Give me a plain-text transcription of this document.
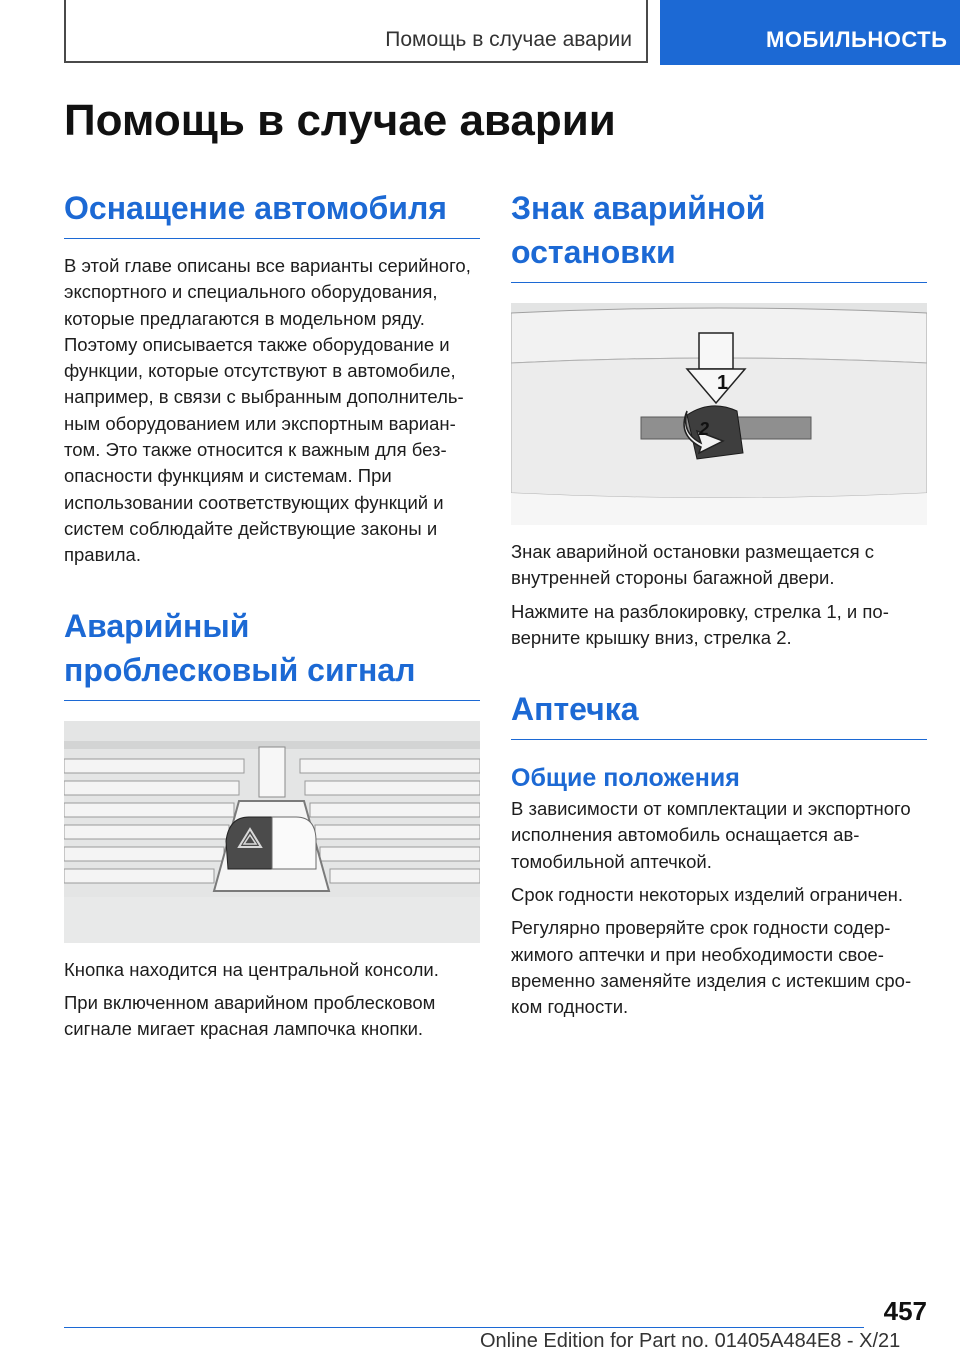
Помощь в случае аварии	МОБИЛЬНОСТЬ
Помощь в случае аварии
Оснащение автомобиля

В этой главе описаны все варианты серийного, экспортного и специального оборудования, которые предлагаются в модельном ряду. Поэтому описывается также оборудование и функции, которые отсутствуют в автомобиле, например, в связи с выбранным дополнительным оборудованием или экспортным вариантом. Это также относится к важным для безопасности функциям и системам. При использовании соответствующих функций и систем соблюдайте действующие законы и правила.

Аварийный проблесковый сигнал

Кнопка находится на центральной консоли.

При включенном аварийном проблесковом сигнале мигает красная лампочка кнопки.

Знак аварийной остановки
1
2

Знак аварийной остановки размещается с внутренней стороны багажной двери.

Нажмите на разблокировку, стрелка 1, и поверните крышку вниз, стрелка 2.

Аптечка
Общие положения

В зависимости от комплектации и экспортного исполнения автомобиль оснащается автомобильной аптечкой.

Срок годности некоторых изделий ограничен.

Регулярно проверяйте срок годности содержимого аптечки и при необходимости своевременно заменяйте изделия с истекшим сроком годности.

457
Online Edition for Part no. 01405A484E8 - X/21
